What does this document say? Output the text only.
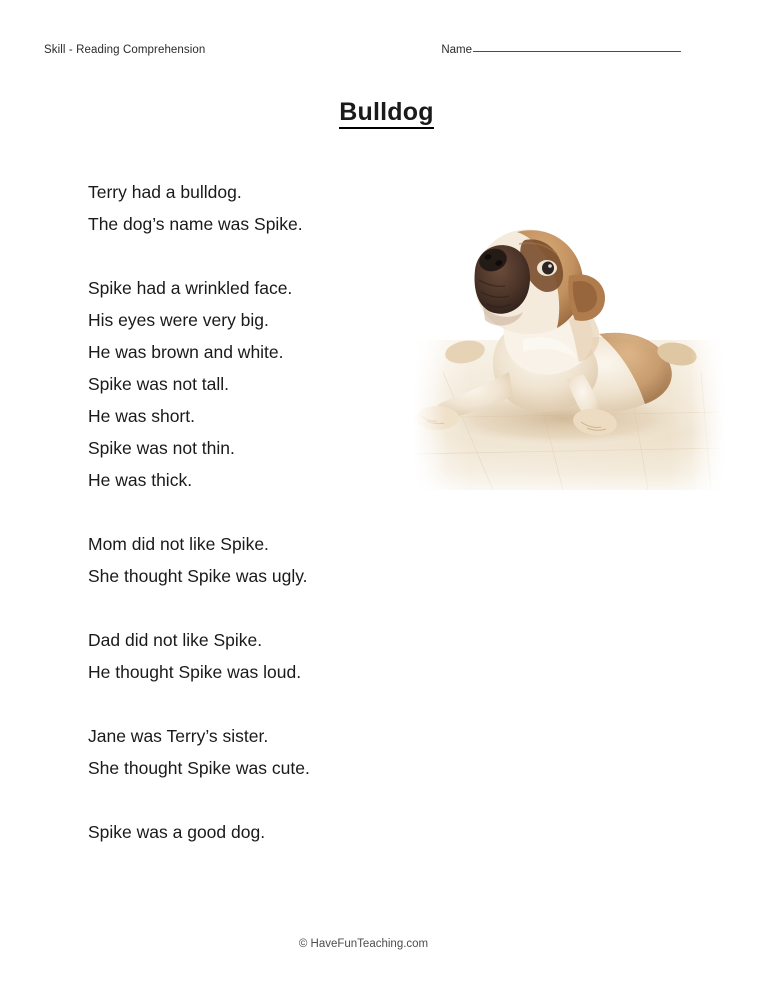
Skill - Reading Comprehension	Name
Bulldog

Terry had a bulldog.
The dog’s name was Spike.

Spike had a wrinkled face.
His eyes were very big.
He was brown and white.
Spike was not tall.
He was short.
Spike was not thin.
He was thick.

Mom did not like Spike.
She thought Spike was ugly.

Dad did not like Spike.
He thought Spike was loud.

Jane was Terry’s sister.
She thought Spike was cute.

Spike was a good dog.

© HaveFunTeaching.com
